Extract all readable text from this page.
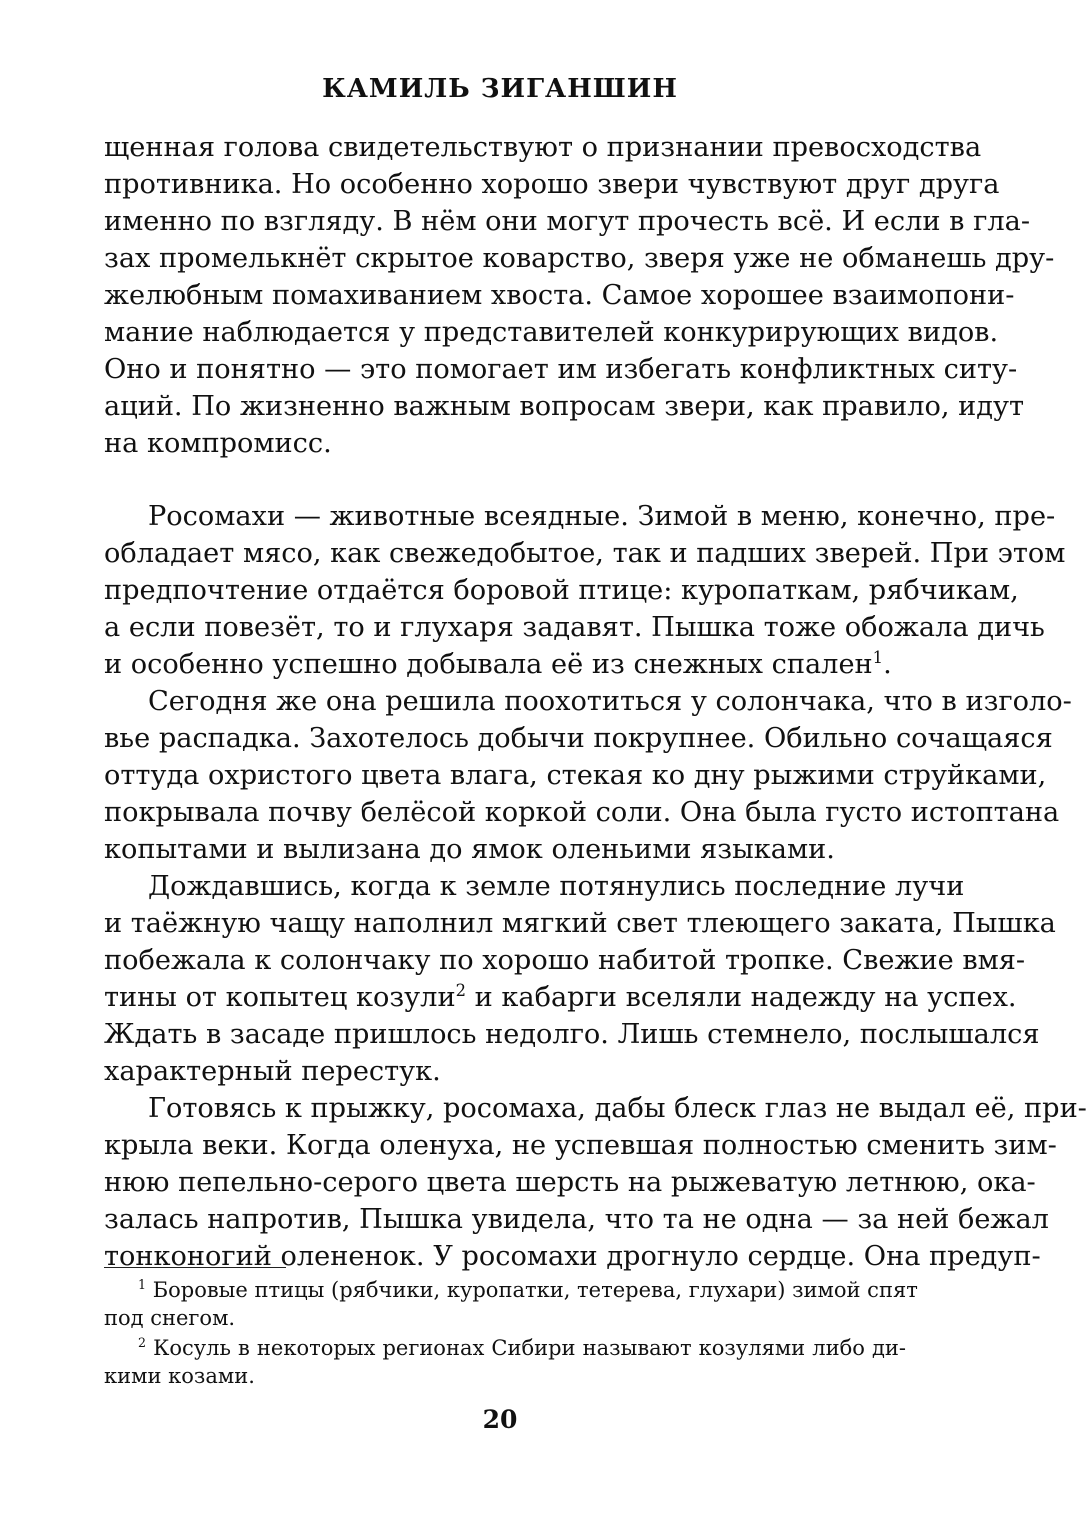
КАМИЛЬ ЗИГАНШИН
щенная голова свидетельствуют о признании превосходства
противника. Но особенно хорошо звери чувствуют друг друга
именно по взгляду. В нём они могут прочесть всё. И если в гла-
зах промелькнёт скрытое коварство, зверя уже не обманешь дру-
желюбным помахиванием хвоста. Самое хорошее взаимопони-
мание наблюдается у представителей конкурирующих видов.
Оно и понятно — это помогает им избегать конфликтных ситу-
аций. По жизненно важным вопросам звери, как правило, идут
на компромисс.
Росомахи — животные всеядные. Зимой в меню, конечно, пре-
обладает мясо, как свежедобытое, так и падших зверей. При этом
предпочтение отдаётся боровой птице: куропаткам, рябчикам,
а если повезёт, то и глухаря задавят. Пышка тоже обожала дичь
и особенно успешно добывала её из снежных спален$^1$.
Сегодня же она решила поохотиться у солончака, что в изголо-
вье распадка. Захотелось добычи покрупнее. Обильно сочащаяся
оттуда охристого цвета влага, стекая ко дну рыжими струйками,
покрывала почву белёсой коркой соли. Она была густо истоптана
копытами и вылизана до ямок оленьими языками.
Дождавшись, когда к земле потянулись последние лучи
и таёжную чащу наполнил мягкий свет тлеющего заката, Пышка
побежала к солончаку по хорошо набитой тропке. Свежие вмя-
тины от копытец козули$^2$ и кабарги вселяли надежду на успех.
Ждать в засаде пришлось недолго. Лишь стемнело, послышался
характерный перестук.
Готовясь к прыжку, росомаха, дабы блеск глаз не выдал её, при-
крыла веки. Когда оленуха, не успевшая полностью сменить зим-
нюю пепельно-серого цвета шерсть на рыжеватую летнюю, ока-
залась напротив, Пышка увидела, что та не одна — за ней бежал
тонконогий олененок. У росомахи дрогнуло сердце. Она предуп-
$^1$ Боровые птицы (рябчики, куропатки, тетерева, глухари) зимой спят
под снегом.
$^2$ Косуль в некоторых регионах Сибири называют козулями либо ди-
кими козами.
20
